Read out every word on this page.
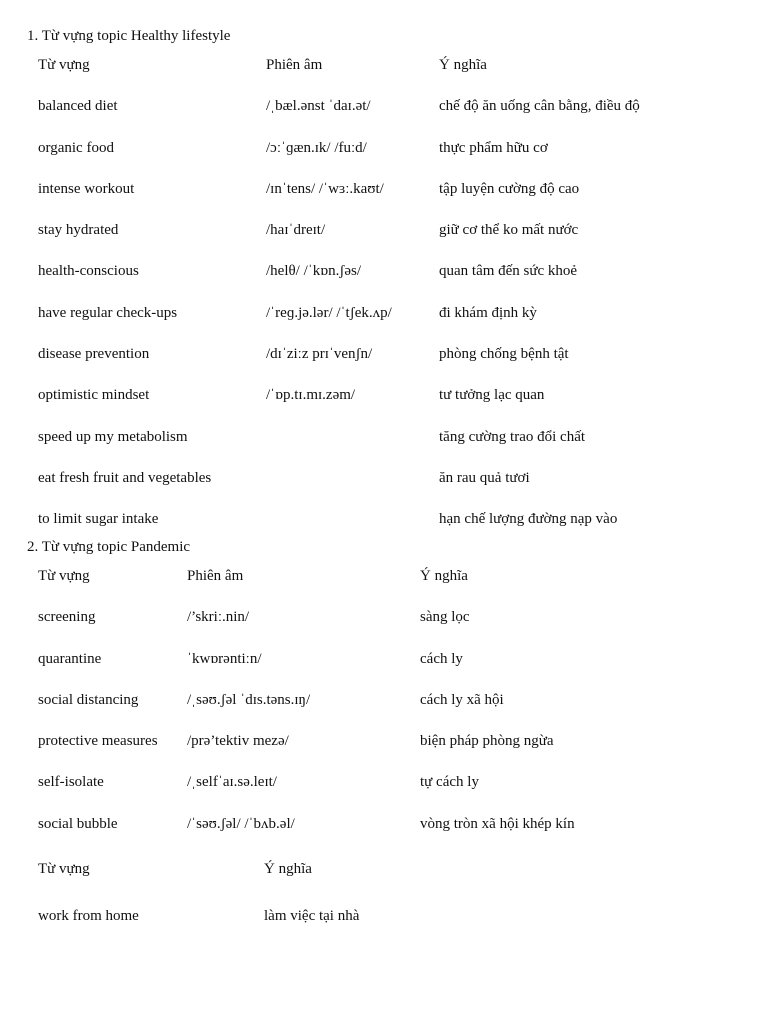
1. Từ vựng topic Healthy lifestyle

Từ vựng	Phiên âm	Ý nghĩa
balanced diet	/ˌbæl.ənst ˈdaɪ.ət/	chế độ ăn uống cân bằng, điều độ
organic food	/ɔːˈɡæn.ɪk/ /fuːd/	thực phẩm hữu cơ
intense workout	/ɪnˈtens/ /ˈwɜː.kaʊt/	tập luyện cường độ cao
stay hydrated	/haɪˈdreɪt/	giữ cơ thể ko mất nước
health-conscious	/helθ/ /ˈkɒn.ʃəs/	quan tâm đến sức khoẻ
have regular check-ups	/ˈreɡ.jə.lər/ /ˈtʃek.ʌp/	đi khám định kỳ
disease prevention	/dɪˈziːz prɪˈvenʃn/	phòng chống bệnh tật
optimistic mindset	/ˈɒp.tɪ.mɪ.zəm/	tư tưởng lạc quan
speed up my metabolism		tăng cường trao đổi chất
eat fresh fruit and vegetables		ăn rau quả tươi
to limit sugar intake		hạn chế lượng đường nạp vào

2. Từ vựng topic Pandemic

Từ vựng	Phiên âm	Ý nghĩa
screening	/’skriː.nin/	sàng lọc
quarantine	ˈkwɒrəntiːn/	cách ly
social distancing	/ˌsəʊ.ʃəl ˈdɪs.təns.ɪŋ/	cách ly xã hội
protective measures	/prə’tektiv mezə/	biện pháp phòng ngừa
self-isolate	/ˌselfˈaɪ.sə.leɪt/	tự cách ly
social bubble	/ˈsəʊ.ʃəl/ /ˈbʌb.əl/	vòng tròn xã hội khép kín
Từ vựng	Ý nghĩa
work from home	làm việc tại nhà
